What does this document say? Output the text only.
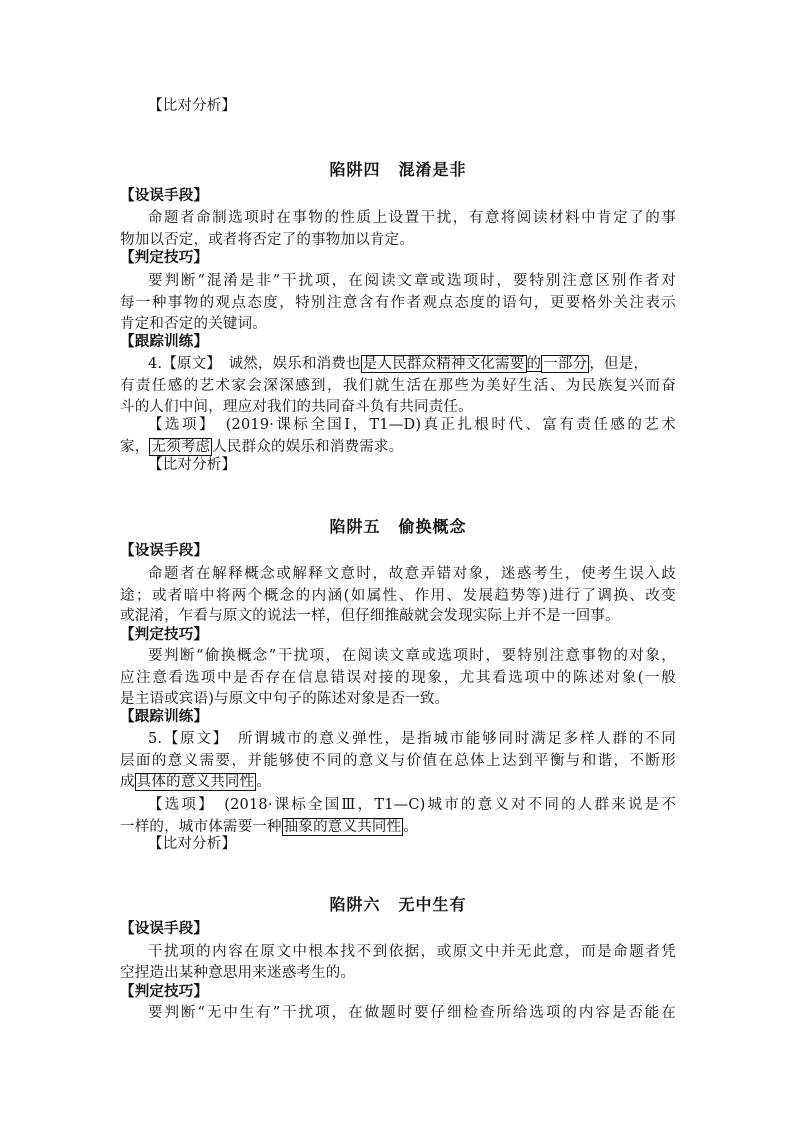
【比对分析】
陷阱四 混淆是非
【设误手段】
命题者命制选项时在事物的性质上设置干扰，有意将阅读材料中肯定了的事
物加以否定，或者将否定了的事物加以肯定。
【判定技巧】
要判断“混淆是非”干扰项，在阅读文章或选项时，要特别注意区别作者对
每一种事物的观点态度，特别注意含有作者观点态度的语句，更要格外关注表示
肯定和否定的关键词。
【跟踪训练】
4.【原文】　诚然，娱乐和消费也 是人民群众精神文化需要 的 一部分 ，但是，
有责任感的艺术家会深深感到，我们就生活在那些为美好生活、为民族复兴而奋
斗的人们中间，理应对我们的共同奋斗负有共同责任。
【选项】　(2019·课标全国Ⅰ，T1—D)真正扎根时代、富有责任感的艺术
家， 无须考虑 人民群众的娱乐和消费需求。
【比对分析】
陷阱五 偷换概念
【设误手段】
命题者在解释概念或解释文意时，故意弄错对象，迷惑考生，使考生误入歧
途；或者暗中将两个概念的内涵(如属性、作用、发展趋势等)进行了调换、改变
或混淆，乍看与原文的说法一样，但仔细推敲就会发现实际上并不是一回事。
【判定技巧】
要判断“偷换概念”干扰项，在阅读文章或选项时，要特别注意事物的对象，
应注意看选项中是否存在信息错误对接的现象，尤其看选项中的陈述对象(一般
是主语或宾语)与原文中句子的陈述对象是否一致。
【跟踪训练】
5.【原文】　所谓城市的意义弹性，是指城市能够同时满足多样人群的不同
层面的意义需要，并能够使不同的意义与价值在总体上达到平衡与和谐，不断形
成 具体的意义共同性 。
【选项】　(2018·课标全国Ⅲ，T1—C)城市的意义对不同的人群来说是不
一样的，城市体需要一种 抽象的意义共同性 。
【比对分析】
陷阱六 无中生有
【设误手段】
干扰项的内容在原文中根本找不到依据，或原文中并无此意，而是命题者凭
空捏造出某种意思用来迷惑考生的。
【判定技巧】
要判断“无中生有”干扰项，在做题时要仔细检查所给选项的内容是否能在
